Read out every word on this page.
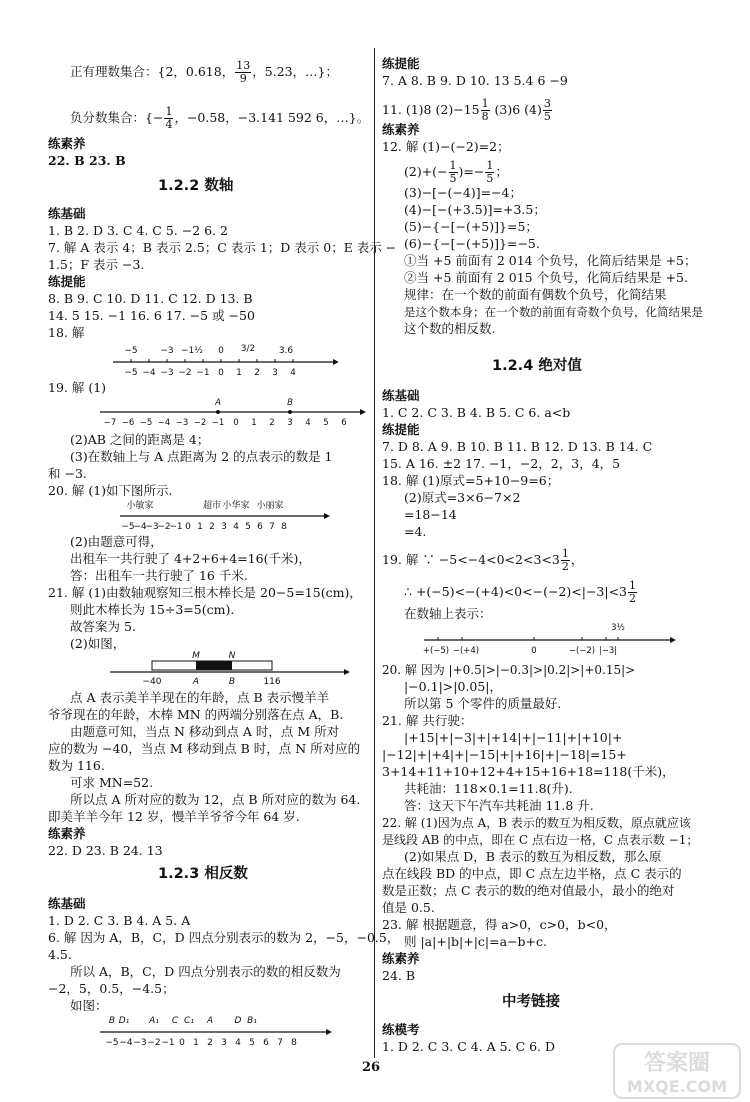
正有理数集合：{2，0.618， $\frac{13}{9}$ ，5.23，…}；
负分数集合：{− $\frac{1}{4}$ ，−0.58，−3.141 592 6，…}。
练素养
22. B 23. B
1.2.2 数轴
练基础
1. B 2. D 3. C 4. C 5. −2 6. 2
7. 解 A 表示 4；B 表示 2.5；C 表示 1；D 表示 0；E 表示 −
1.5；F 表示 −3.
练提能
8. B 9. C 10. D 11. C 12. D 13. B
14. 5 15. −1 16. 6 17. −5 或 −50
18. 解
−5 −4 −3 −2 −1 0 1 2 3 4
−5	−3 −1½ 0 3/2	3.6
19. 解 (1)
−7 −6 −5 −4 −3 −2 −1 0 1 2 3 4 5 6
A	B
(2)AB 之间的距离是 4；
(3)在数轴上与 A 点距离为 2 的点表示的数是 1
和 −3.
20. 解 (1)如下图所示.
−5
−4
−3
−2
−1 0 1 2 3 4 5 6 7 8
小敏家	超市 小华家 小丽家
(2)由题意可得，
出租车一共行驶了 4+2+6+4=16(千米)，
答：出租车一共行驶了 16 千米.
21. 解 (1)由数轴观察知三根木棒长是 20−5=15(cm)，
则此木棒长为 15÷3=5(cm).
故答案为 5.
(2)如图，
M	N
−40	A	B	116
点 A 表示美羊羊现在的年龄，点 B 表示慢羊羊
爷爷现在的年龄，木棒 MN 的两端分别落在点 A，B.
由题意可知，当点 N 移动到点 A 时，点 M 所对
应的数为 −40，当点 M 移动到点 B 时，点 N 所对应的
数为 116.
可求 MN=52.
所以点 A 所对应的数为 12，点 B 所对应的数为 64.
即美羊羊今年 12 岁，慢羊羊爷爷今年 64 岁.
练素养
22. D 23. B 24. 13
1.2.3 相反数
练基础
1. D 2. C 3. B 4. A 5. A
6. 解 因为 A，B，C，D 四点分别表示的数为 2，−5，−0.5，
4.5.
所以 A，B，C，D 四点分别表示的数的相反数为
−2，5，0.5，−4.5；
如图：
−5 −4 −3 −2 −1 0 1 2 3 4 5 6 7 8
B D₁ A₁ C C₁ A D B₁
练提能
7. A 8. B 9. D 10. 13 5.4 6 −9
11. (1)8 $(2)-15 \frac{1}{8} (3)6$ $(4) \frac{3}{5}$
练素养
12. 解 (1)−(−2)=2；
$(2)+(- \frac{1}{5}$ )=− $\frac{1}{5}$ ；
(3)−[−(−4)]=−4；
(4)−[−(+3.5)]=+3.5；
(5)−{−[−(+5)]}=5；
(6)−{−[−(+5)]}=−5.
①当 +5 前面有 2 014 个负号，化简后结果是 +5；
②当 +5 前面有 2 015 个负号，化简后结果是 +5.
规律：在一个数的前面有偶数个负号，化简结果
是这个数本身；在一个数的前面有奇数个负号，化简结果是
这个数的相反数.
1.2.4 绝对值
练基础
1. C 2. C 3. B 4. B 5. C 6. a<b
练提能
7. D 8. A 9. B 10. B 11. B 12. D 13. B 14. C
15. A 16. ±2 17. −1，−2，2，3，4，5
18. 解 (1)原式=5+10−9=6；
(2)原式=3×6−7×2
=18−14
=4.
19. 解 ∵ $-5<-4<0<2<3<3 \frac{1}{2}$ ，
∴ $+(-5)<-(+4)<0<-(-2)<|-3|<3 \frac{1}{2}$
在数轴上表示：
+(−5) −(+4)	0	−(−2) |−3|
3½
20. 解 因为 |+0.5|>|−0.3|>|0.2|>|+0.15|>
|−0.1|>|0.05|，
所以第 5 个零件的质量最好.
21. 解 共行驶：
|+15|+|−3|+|+14|+|−11|+|+10|+
|−12|+|+4|+|−15|+|+16|+|−18|=15+
3+14+11+10+12+4+15+16+18=118(千米)，
共耗油：118×0.1=11.8(升).
答：这天下午汽车共耗油 11.8 升.
22. 解 (1)因为点 A，B 表示的数互为相反数，原点就应该
是线段 AB 的中点，即在 C 点右边一格，C 点表示数 −1；
(2)如果点 D，B 表示的数互为相反数，那么原
点在线段 BD 的中点，即 C 点左边半格，点 C 表示的
数是正数；点 C 表示的数的绝对值最小，最小的绝对
值是 0.5.
23. 解 根据题意，得 a>0，c>0，b<0，
则 |a|+|b|+|c|=a−b+c.
练素养
24. B
中考链接
练模考
1. D 2. C 3. C 4. A 5. C 6. D
26	答案圈
MXQE.COM
